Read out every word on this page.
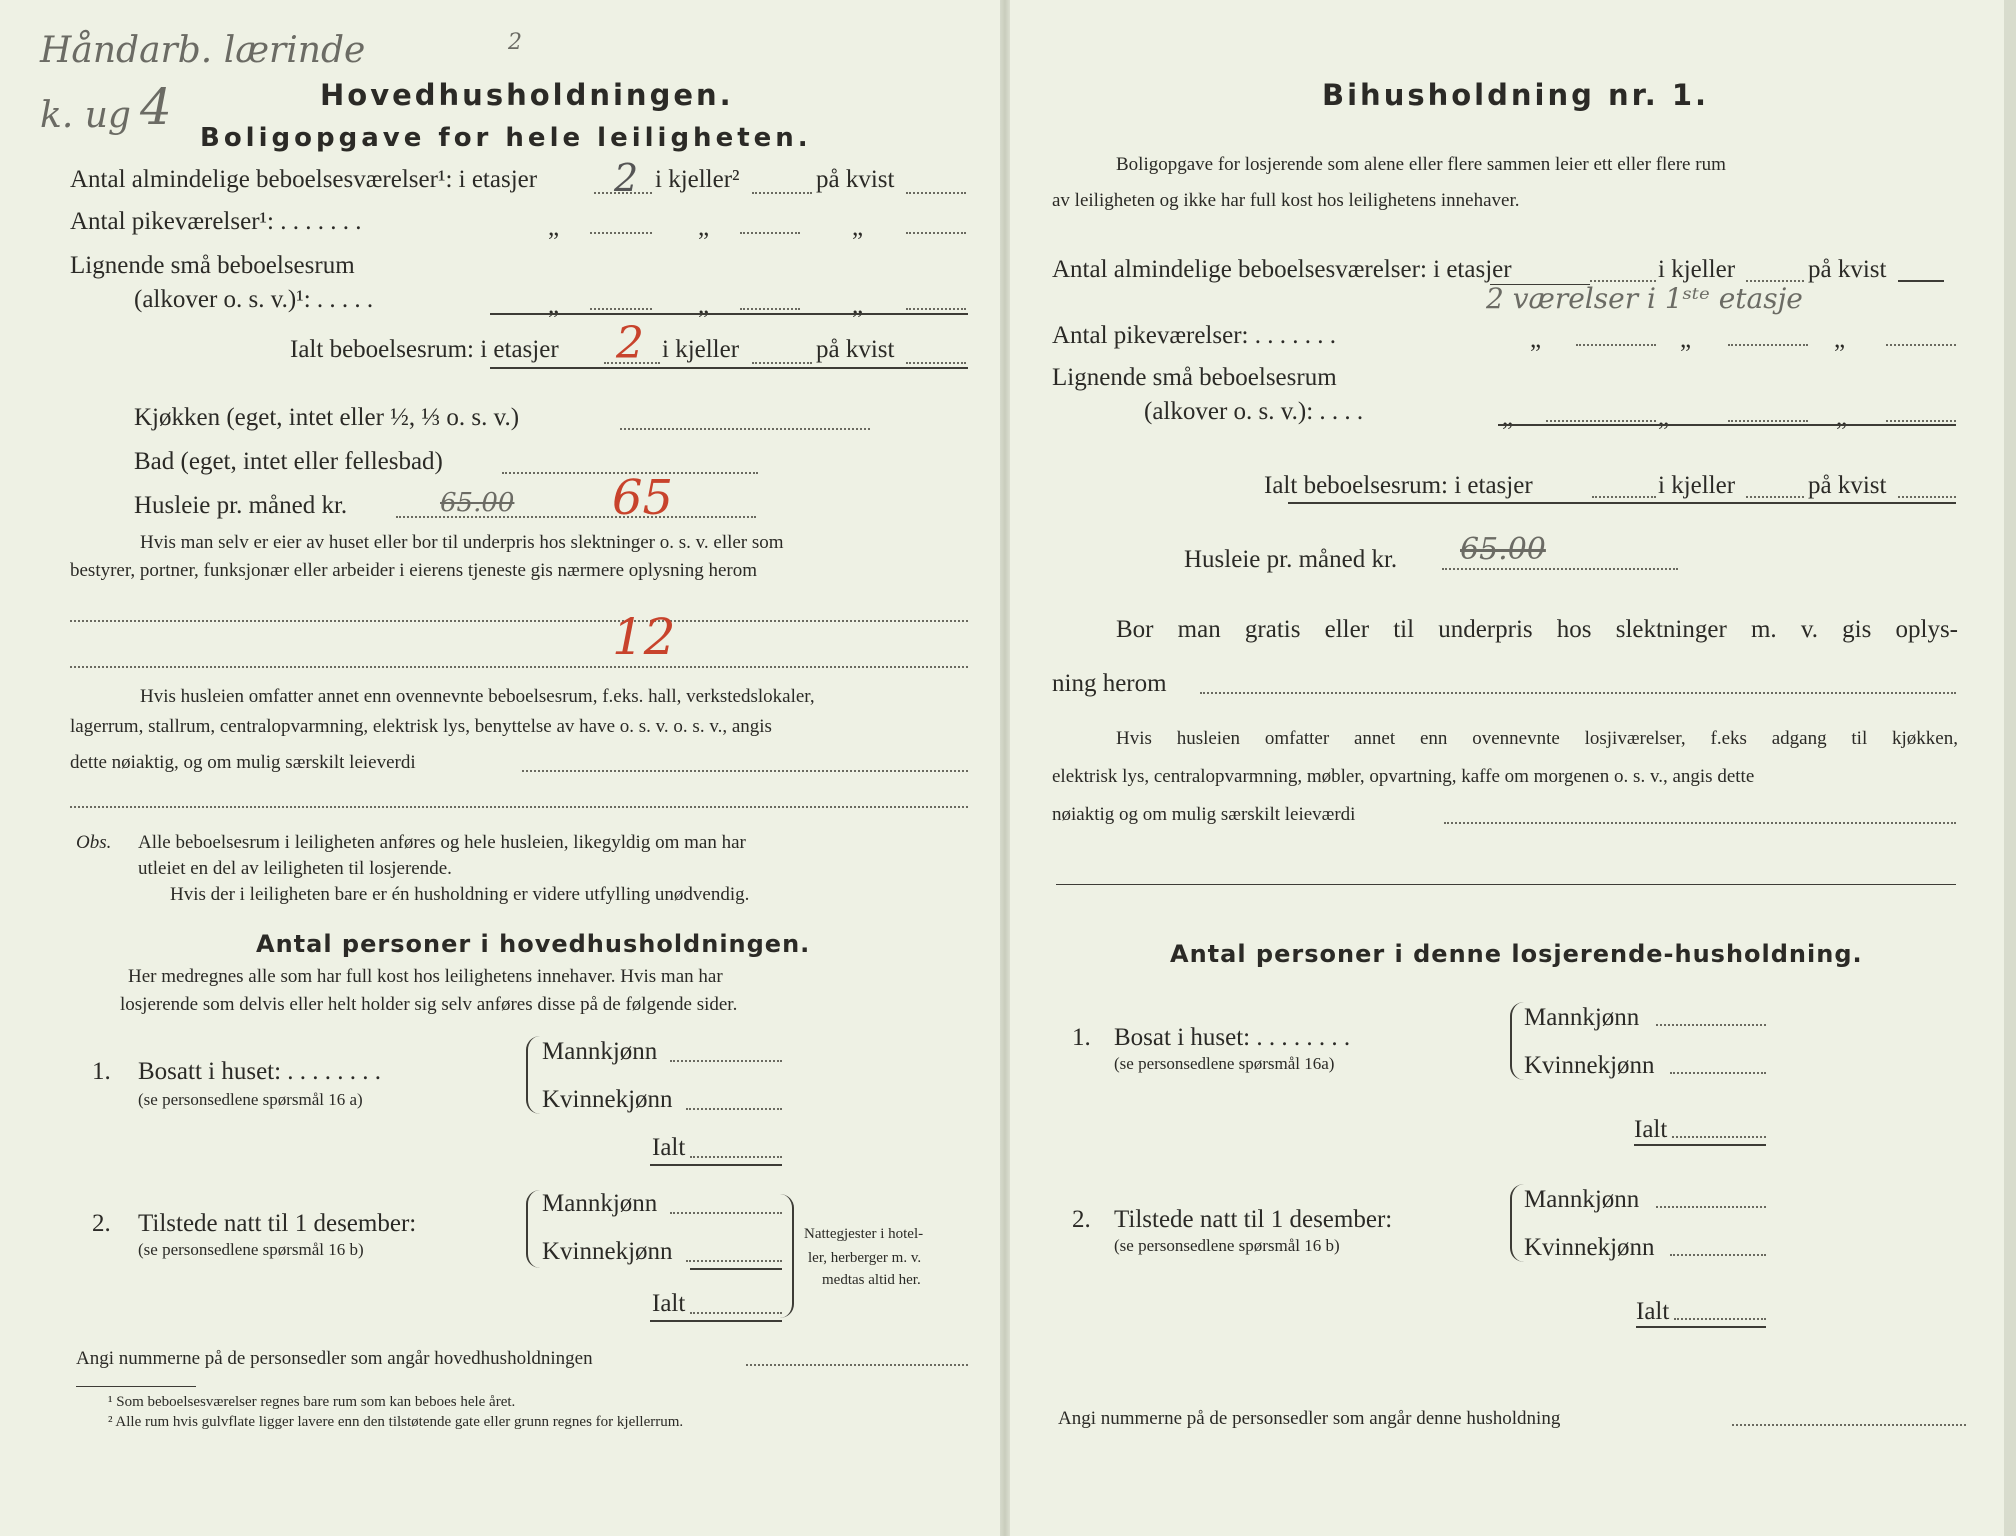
Håndarb. lærinde
k. ug 4
2
Hovedhusholdningen.
Boligopgave for hele leiligheten.
Antal almindelige beboelsesværelser¹: i etasjer 2 i kjeller²	på kvist
Antal pikeværelser¹: . . . . . . .	„	„	„
Lignende små beboelsesrum
(alkover o. s. v.)¹: . . . . .	„	„	„
Ialt beboelsesrum: i etasjer 2 i kjeller	på kvist
Kjøkken (eget, intet eller ½, ⅓ o. s. v.)
Bad (eget, intet eller fellesbad)
Husleie pr. måned kr.	65.00 65
Hvis man selv er eier av huset eller bor til underpris hos slektninger o. s. v. eller som
bestyrer, portner, funksjonær eller arbeider i eierens tjeneste gis nærmere oplysning herom
12
Hvis husleien omfatter annet enn ovennevnte beboelsesrum, f.eks. hall, verkstedslokaler,
lagerrum, stallrum, centralopvarmning, elektrisk lys, benyttelse av have o. s. v. o. s. v., angis
dette nøiaktig, og om mulig særskilt leieverdi
Obs. Alle beboelsesrum i leiligheten anføres og hele husleien, likegyldig om man har
utleiet en del av leiligheten til losjerende.
Hvis der i leiligheten bare er én husholdning er videre utfylling unødvendig.
Antal personer i hovedhusholdningen.
Her medregnes alle som har full kost hos leilighetens innehaver. Hvis man har
losjerende som delvis eller helt holder sig selv anføres disse på de følgende sider.
1. Bosatt i huset: . . . . . . . .
(se personsedlene spørsmål 16 a)
Mannkjønn
Kvinnekjønn
Ialt
2. Tilstede natt til 1 desember:
(se personsedlene spørsmål 16 b)
Mannkjønn
Kvinnekjønn
Ialt
Nattegjester i hotel-
ler, herberger m. v.
medtas altid her.
Angi nummerne på de personsedler som angår hovedhusholdningen
¹ Som beboelsesværelser regnes bare rum som kan beboes hele året.
² Alle rum hvis gulvflate ligger lavere enn den tilstøtende gate eller grunn regnes for kjellerrum.
Bihusholdning nr. 1.
Boligopgave for losjerende som alene eller flere sammen leier ett eller flere rum
av leiligheten og ikke har full kost hos leilighetens innehaver.
Antal almindelige beboelsesværelser: i etasjer	i kjeller	på kvist
2 værelser i 1ˢᵗᵉ etasje
Antal pikeværelser: . . . . . . .	„	„	„
Lignende små beboelsesrum
(alkover o. s. v.): . . . .	„	„	„
Ialt beboelsesrum: i etasjer	i kjeller	på kvist
Husleie pr. måned kr. 65.00
Bor man gratis eller til underpris hos slektninger m. v. gis oplys-
ning herom
Hvis husleien omfatter annet enn ovennevnte losjiværelser, f.eks adgang til kjøkken,
elektrisk lys, centralopvarmning, møbler, opvartning, kaffe om morgenen o. s. v., angis dette
nøiaktig og om mulig særskilt leieværdi
Antal personer i denne losjerende-husholdning.
1. Bosat i huset: . . . . . . . .
(se personsedlene spørsmål 16a)
Mannkjønn
Kvinnekjønn
Ialt
2. Tilstede natt til 1 desember:
(se personsedlene spørsmål 16 b)
Mannkjønn
Kvinnekjønn
Ialt
Angi nummerne på de personsedler som angår denne husholdning
